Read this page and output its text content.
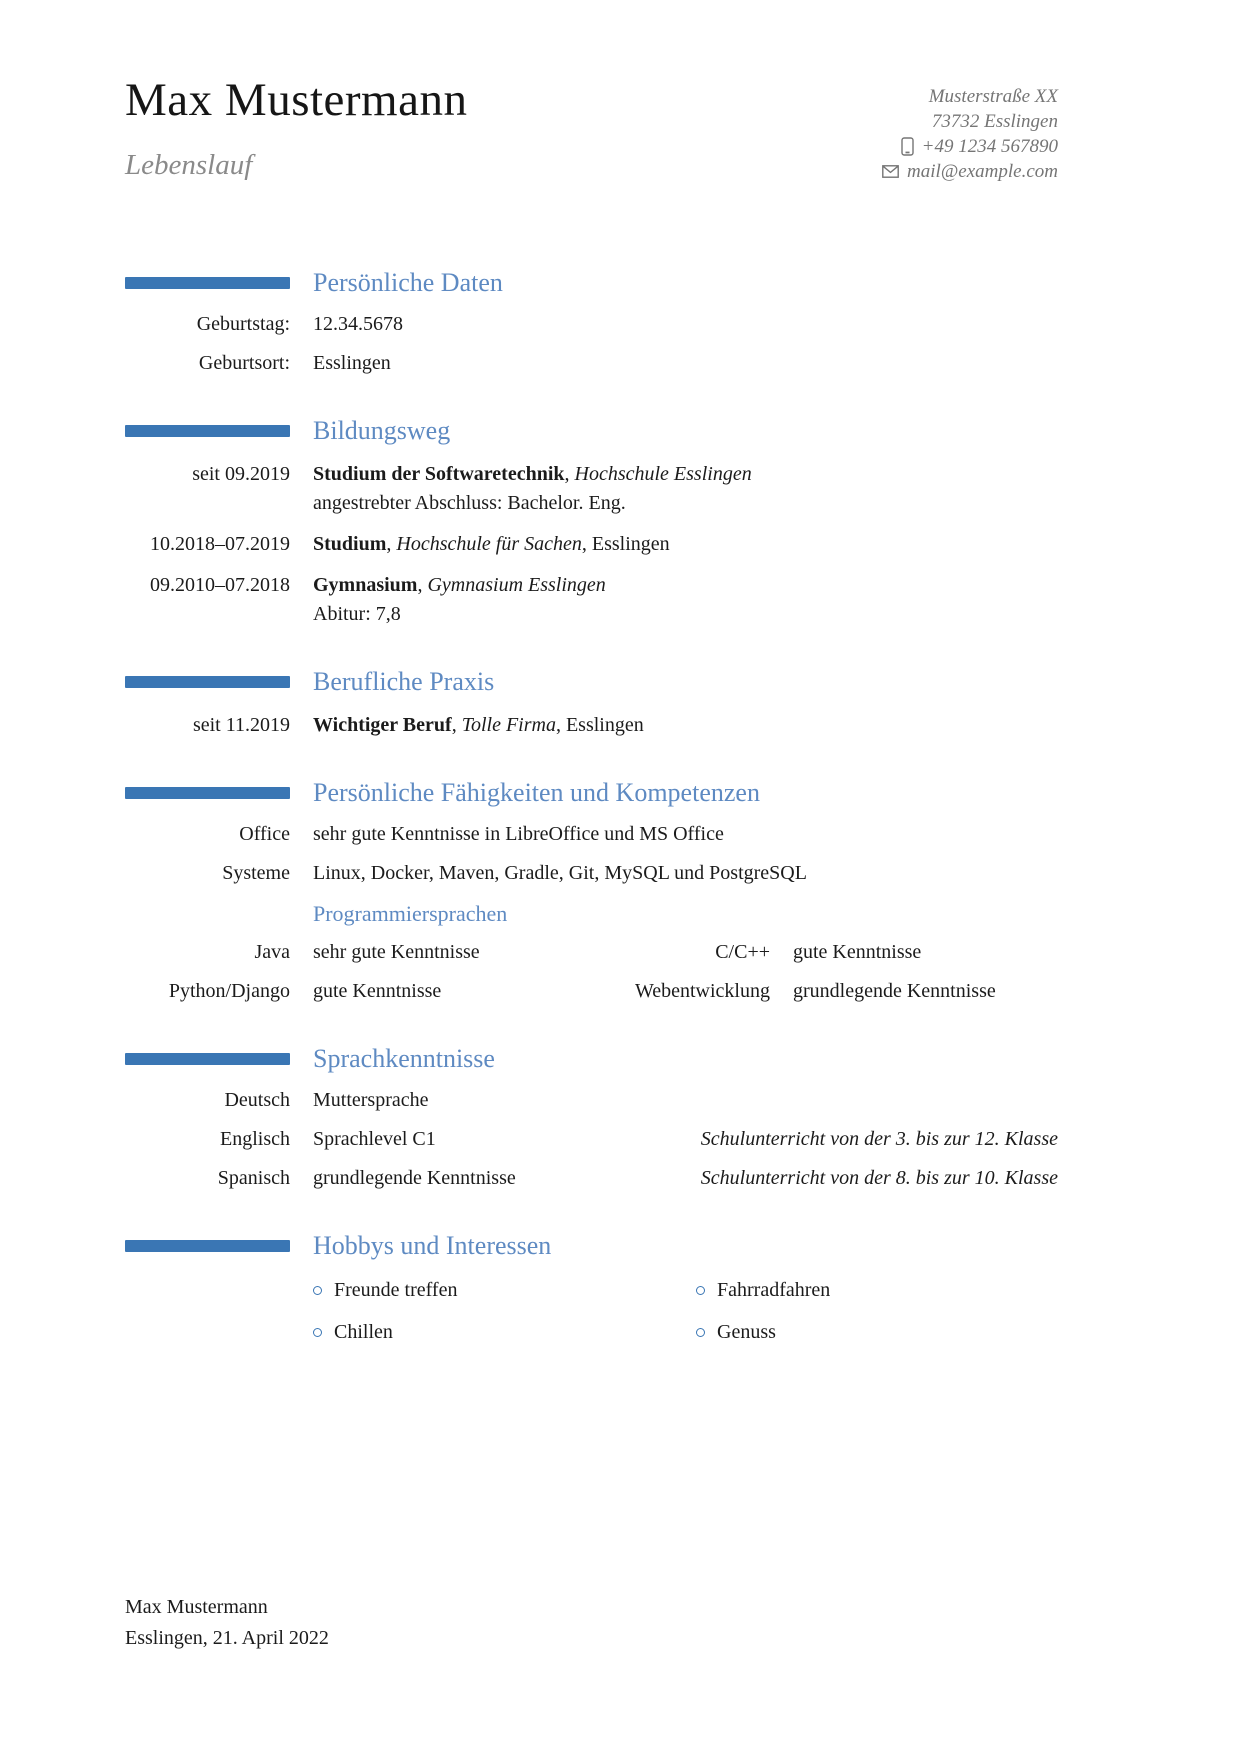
Max Mustermann
Lebenslauf
Musterstraße XX
73732 Esslingen
+49 1234 567890
mail@example.com
Persönliche Daten
Geburtstag: 12.34.5678
Geburtsort: Esslingen
Bildungsweg
seit 09.2019 Studium der Softwaretechnik, Hochschule Esslingen
angestrebter Abschluss: Bachelor. Eng.
10.2018–07.2019 Studium, Hochschule für Sachen, Esslingen
09.2010–07.2018 Gymnasium, Gymnasium Esslingen
Abitur: 7,8
Berufliche Praxis
seit 11.2019 Wichtiger Beruf, Tolle Firma, Esslingen
Persönliche Fähigkeiten und Kompetenzen
Office sehr gute Kenntnisse in LibreOffice und MS Office
Systeme Linux, Docker, Maven, Gradle, Git, MySQL und PostgreSQL
Programmiersprachen
Java sehr gute Kenntnisse	C/C++ gute Kenntnisse
Python/Django gute Kenntnisse	Webentwicklung grundlegende Kenntnisse
Sprachkenntnisse
Deutsch Muttersprache
Englisch Sprachlevel C1	Schulunterricht von der 3. bis zur 12. Klasse
Spanisch grundlegende Kenntnisse	Schulunterricht von der 8. bis zur 10. Klasse
Hobbys und Interessen
Freunde treffen	Fahrradfahren
Chillen	Genuss
Max Mustermann
Esslingen, 21. April 2022
